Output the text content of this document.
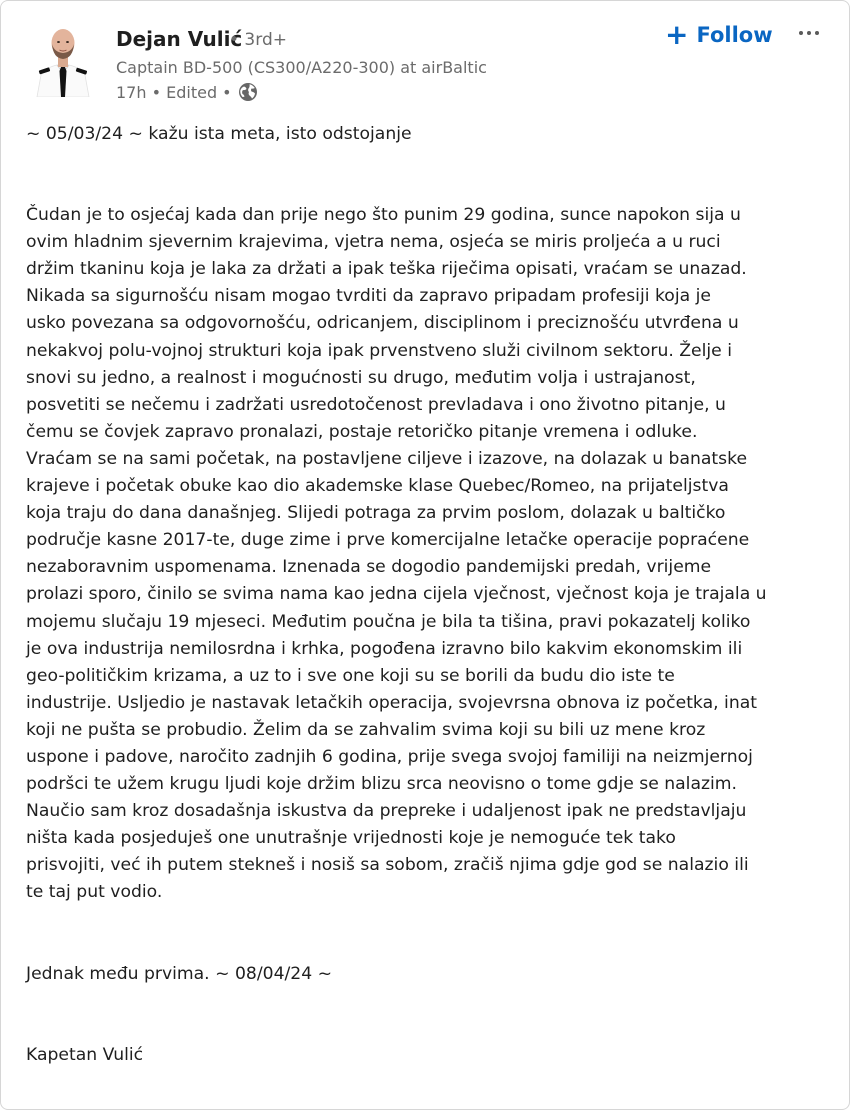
Dejan Vulić
• 3rd+
Captain BD-500 (CS300/A220-300) at airBaltic
17h • Edited •
+ Follow

~ 05/03/24 ~ kažu ista meta, isto odstojanje

Čudan je to osjećaj kada dan prije nego što punim 29 godina, sunce napokon sija u
ovim hladnim sjevernim krajevima, vjetra nema, osjeća se miris proljeća a u ruci
držim tkaninu koja je laka za držati a ipak teška riječima opisati, vraćam se unazad.
Nikada sa sigurnošću nisam mogao tvrditi da zapravo pripadam profesiji koja je
usko povezana sa odgovornošću, odricanjem, disciplinom i preciznošću utvrđena u
nekakvoj polu-vojnoj strukturi koja ipak prvenstveno služi civilnom sektoru. Želje i
snovi su jedno, a realnost i mogućnosti su drugo, međutim volja i ustrajanost,
posvetiti se nečemu i zadržati usredotočenost prevladava i ono životno pitanje, u
čemu se čovjek zapravo pronalazi, postaje retoričko pitanje vremena i odluke.
Vraćam se na sami početak, na postavljene ciljeve i izazove, na dolazak u banatske
krajeve i početak obuke kao dio akademske klase Quebec/Romeo, na prijateljstva
koja traju do dana današnjeg. Slijedi potraga za prvim poslom, dolazak u baltičko
područje kasne 2017-te, duge zime i prve komercijalne letačke operacije popraćene
nezaboravnim uspomenama. Iznenada se dogodio pandemijski predah, vrijeme
prolazi sporo, činilo se svima nama kao jedna cijela vječnost, vječnost koja je trajala u
mojemu slučaju 19 mjeseci. Međutim poučna je bila ta tišina, pravi pokazatelj koliko
je ova industrija nemilosrdna i krhka, pogođena izravno bilo kakvim ekonomskim ili
geo-političkim krizama, a uz to i sve one koji su se borili da budu dio iste te
industrije. Usljedio je nastavak letačkih operacija, svojevrsna obnova iz početka, inat
koji ne pušta se probudio. Želim da se zahvalim svima koji su bili uz mene kroz
uspone i padove, naročito zadnjih 6 godina, prije svega svojoj familiji na neizmjernoj
podršci te užem krugu ljudi koje držim blizu srca neovisno o tome gdje se nalazim.
Naučio sam kroz dosadašnja iskustva da prepreke i udaljenost ipak ne predstavljaju
ništa kada posjeduješ one unutrašnje vrijednosti koje je nemoguće tek tako
prisvojiti, već ih putem stekneš i nosiš sa sobom, zračiš njima gdje god se nalazio ili
te taj put vodio.

Jednak među prvima. ~ 08/04/24 ~

Kapetan Vulić
